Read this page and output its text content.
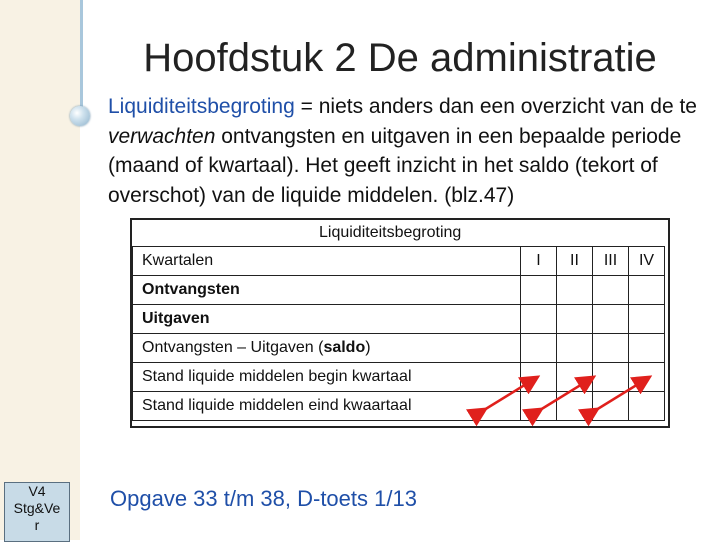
Hoofdstuk 2 De administratie
Liquiditeitsbegroting = niets anders dan een overzicht van de te verwachten ontvangsten en uitgaven in een bepaalde periode (maand of kwartaal). Het geeft inzicht in het saldo (tekort of overschot) van de liquide middelen. (blz.47)
Kwartalen	I	II	III	IV
Ontvangsten				
Uitgaven				
Ontvangsten – Uitgaven (saldo)				
Stand liquide middelen begin kwartaal				
Stand liquide middelen eind kwaartaal				
Liquiditeitsbegroting
V4
Stg&Ve
r
Opgave 33 t/m 38, D-toets 1/13
